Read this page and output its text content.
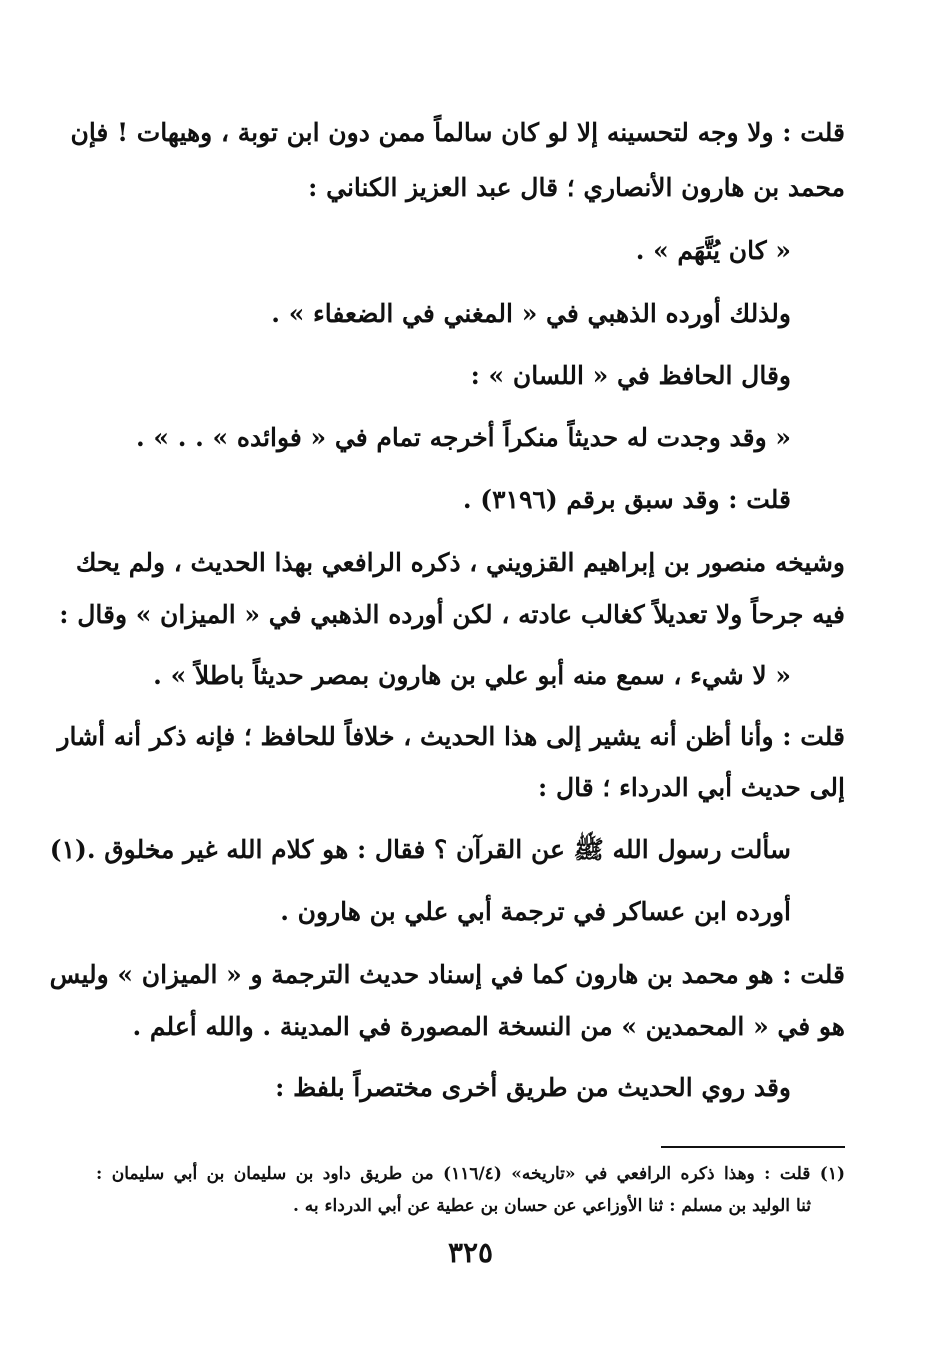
قلت : ولا وجه لتحسينه إلا لو كان سالماً ممن دون ابن توبة ، وهيهات ! فإن
محمد بن هارون الأنصاري ؛ قال عبد العزيز الكناني :
« كان يُتَّهَم » .
ولذلك أورده الذهبي في « المغني في الضعفاء » .
وقال الحافظ في « اللسان » :
« وقد وجدت له حديثاً منكراً أخرجه تمام في « فوائده » . . » .
قلت : وقد سبق برقم (٣١٩٦) .
وشيخه منصور بن إبراهيم القزويني ، ذكره الرافعي بهذا الحديث ، ولم يحك
فيه جرحاً ولا تعديلاً كغالب عادته ، لكن أورده الذهبي في « الميزان » وقال :
« لا شيء ، سمع منه أبو علي بن هارون بمصر حديثاً باطلاً » .
قلت : وأنا أظن أنه يشير إلى هذا الحديث ، خلافاً للحافظ ؛ فإنه ذكر أنه أشار
إلى حديث أبي الدرداء ؛ قال :
سألت رسول الله ﷺ عن القرآن ؟ فقال : هو كلام الله غير مخلوق .(١)
أورده ابن عساكر في ترجمة أبي علي بن هارون .
قلت : هو محمد بن هارون كما في إسناد حديث الترجمة و « الميزان » وليس
هو في « المحمدين » من النسخة المصورة في المدينة . والله أعلم .
وقد روي الحديث من طريق أخرى مختصراً بلفظ :
(١) قلت : وهذا ذكره الرافعي في «تاريخه» (١١٦/٤) من طريق داود بن سليمان بن أبي سليمان :
ثنا الوليد بن مسلم : ثنا الأوزاعي عن حسان بن عطية عن أبي الدرداء به .
٣٢٥
